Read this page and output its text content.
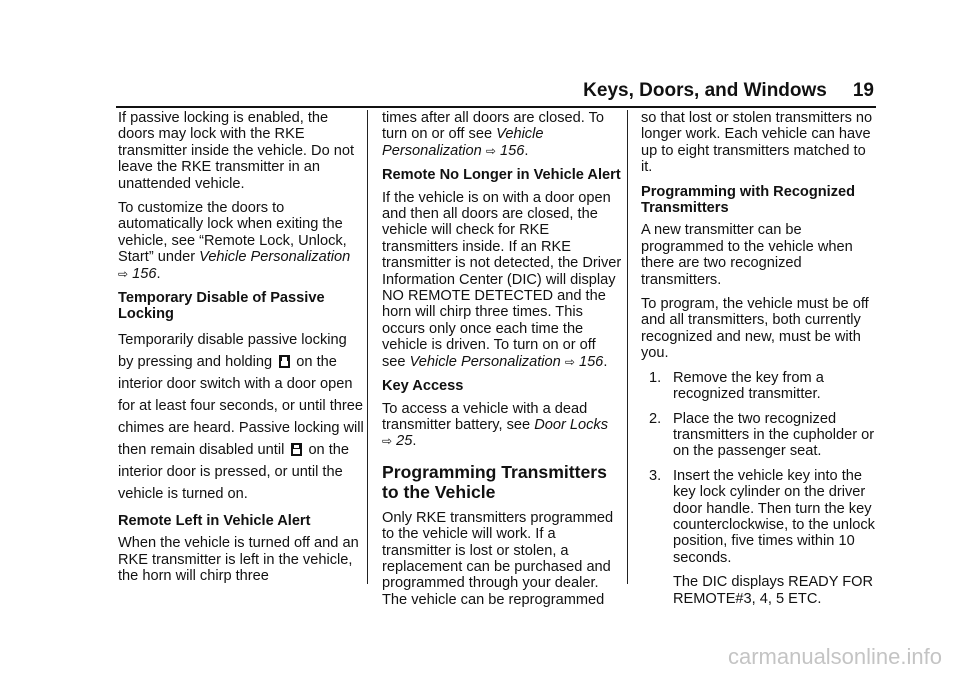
Keys, Doors, and Windows 19

If passive locking is enabled, the doors may lock with the RKE transmitter inside the vehicle. Do not leave the RKE transmitter in an unattended vehicle.

To customize the doors to automatically lock when exiting the vehicle, see “Remote Lock, Unlock, Start” under Vehicle Personalization ⇨ 156.

Temporary Disable of Passive Locking

Temporarily disable passive locking by pressing and holding on the interior door switch with a door open for at least four seconds, or until three chimes are heard. Passive locking will then remain disabled until on the interior door is pressed, or until the vehicle is turned on.

Remote Left in Vehicle Alert

When the vehicle is turned off and an RKE transmitter is left in the vehicle, the horn will chirp three

times after all doors are closed. To turn on or off see Vehicle Personalization ⇨ 156.

Remote No Longer in Vehicle Alert

If the vehicle is on with a door open and then all doors are closed, the vehicle will check for RKE transmitters inside. If an RKE transmitter is not detected, the Driver Information Center (DIC) will display NO REMOTE DETECTED and the horn will chirp three times. This occurs only once each time the vehicle is driven. To turn on or off see Vehicle Personalization ⇨ 156.

Key Access

To access a vehicle with a dead transmitter battery, see Door Locks ⇨ 25.

Programming Transmitters to the Vehicle

Only RKE transmitters programmed to the vehicle will work. If a transmitter is lost or stolen, a replacement can be purchased and programmed through your dealer. The vehicle can be reprogrammed

so that lost or stolen transmitters no longer work. Each vehicle can have up to eight transmitters matched to it.

Programming with Recognized Transmitters

A new transmitter can be programmed to the vehicle when there are two recognized transmitters.

To program, the vehicle must be off and all transmitters, both currently recognized and new, must be with you.

1. Remove the key from a recognized transmitter.
2. Place the two recognized transmitters in the cupholder or on the passenger seat.
3. Insert the vehicle key into the key lock cylinder on the driver door handle. Then turn the key counterclockwise, to the unlock position, five times within 10 seconds.
The DIC displays READY FOR REMOTE#3, 4, 5 ETC.
carmanualsonline.info
